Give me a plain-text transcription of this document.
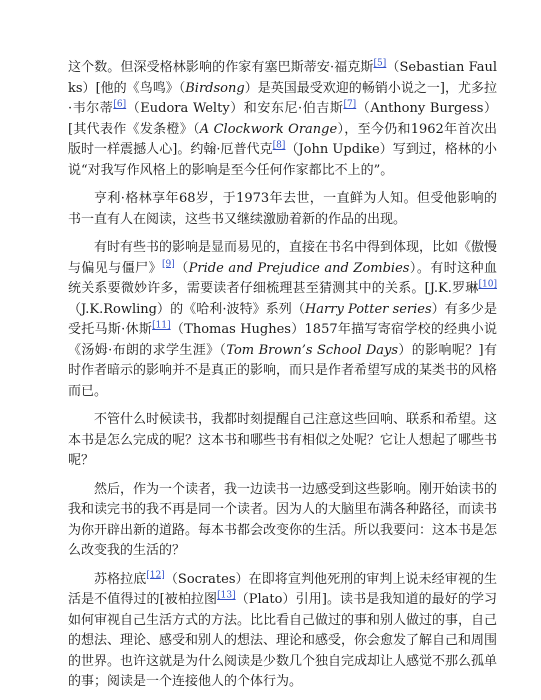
这个数。但深受格林影响的作家有塞巴斯蒂安·福克斯[5]（Sebastian Faulks）[他的《鸟鸣》（Birdsong）是英国最受欢迎的畅销小说之一]，尤多拉·韦尔蒂[6]（Eudora Welty）和安东尼·伯吉斯[7]（Anthony Burgess）[其代表作《发条橙》（A Clockwork Orange），至今仍和1962年首次出版时一样震撼人心]。约翰·厄普代克[8]（John Updike）写到过，格林的小说“对我写作风格上的影响是至今任何作家都比不上的”。

亨利·格林享年68岁，于1973年去世，一直鲜为人知。但受他影响的书一直有人在阅读，这些书又继续激励着新的作品的出现。

有时有些书的影响是显而易见的，直接在书名中得到体现，比如《傲慢与偏见与僵尸》[9]（Pride and Prejudice and Zombies）。有时这种血统关系要微妙许多，需要读者仔细梳理甚至猜测其中的关系。[J.K.罗琳[10]（J.K.Rowling）的《哈利·波特》系列（Harry Potter series）有多少是受托马斯·休斯[11]（Thomas Hughes）1857年描写寄宿学校的经典小说《汤姆·布朗的求学生涯》（Tom Brown’s School Days）的影响呢？]有时作者暗示的影响并不是真正的影响，而只是作者希望写成的某类书的风格而已。

不管什么时候读书，我都时刻提醒自己注意这些回响、联系和希望。这本书是怎么完成的呢？这本书和哪些书有相似之处呢？它让人想起了哪些书呢？

然后，作为一个读者，我一边读书一边感受到这些影响。刚开始读书的我和读完书的我不再是同一个读者。因为人的大脑里布满各种路径，而读书为你开辟出新的道路。每本书都会改变你的生活。所以我要问：这本书是怎么改变我的生活的？

苏格拉底[12]（Socrates）在即将宣判他死刑的审判上说未经审视的生活是不值得过的[被柏拉图[13]（Plato）引用]。读书是我知道的最好的学习如何审视自己生活方式的方法。比比看自己做过的事和别人做过的事，自己的想法、理论、感受和别人的想法、理论和感受，你会愈发了解自己和周围的世界。也许这就是为什么阅读是少数几个独自完成却让人感觉不那么孤单的事；阅读是一个连接他人的个体行为。
